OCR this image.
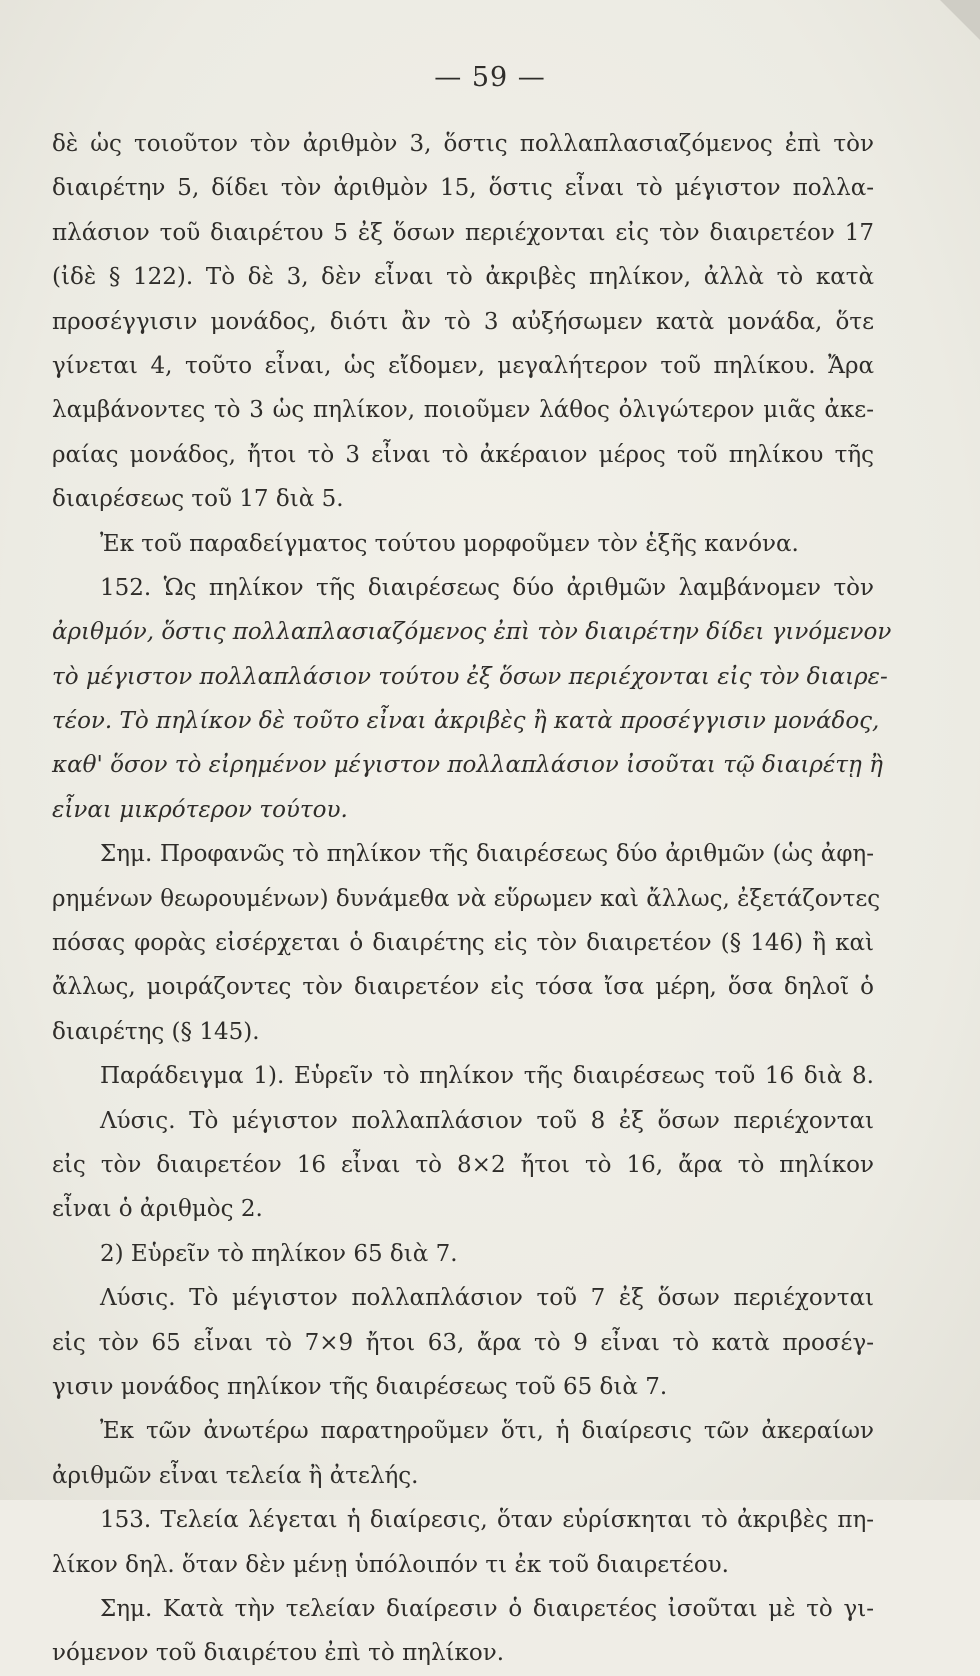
— 59 —
δὲ ὡς τοιοῦτον τὸν ἀριθμὸν 3, ὅστις πολλαπλασιαζόμενος ἐπὶ τὸν
διαιρέτην 5, δίδει τὸν ἀριθμὸν 15, ὅστις εἶναι τὸ μέγιστον πολλα-
πλάσιον τοῦ διαιρέτου 5 ἐξ ὅσων περιέχονται εἰς τὸν διαιρετέον 17
(ἰδὲ § 122). Τὸ δὲ 3, δὲν εἶναι τὸ ἀκριβὲς πηλίκον, ἀλλὰ τὸ κατὰ
προσέγγισιν μονάδος, διότι ἂν τὸ 3 αὐξήσωμεν κατὰ μονάδα, ὅτε
γίνεται 4, τοῦτο εἶναι, ὡς εἴδομεν, μεγαλήτερον τοῦ πηλίκου. Ἄρα
λαμβάνοντες τὸ 3 ὡς πηλίκον, ποιοῦμεν λάθος ὀλιγώτερον μιᾶς ἀκε-
ραίας μονάδος, ἤτοι τὸ 3 εἶναι τὸ ἀκέραιον μέρος τοῦ πηλίκου τῆς
διαιρέσεως τοῦ 17 διὰ 5.
Ἐκ τοῦ παραδείγματος τούτου μορφοῦμεν τὸν ἑξῆς κανόνα.
152. Ὡς πηλίκον τῆς διαιρέσεως δύο ἀριθμῶν λαμβάνομεν τὸν
ἀριθμόν, ὅστις πολλαπλασιαζόμενος ἐπὶ τὸν διαιρέτην δίδει γινόμενον
τὸ μέγιστον πολλαπλάσιον τούτου ἐξ ὅσων περιέχονται εἰς τὸν διαιρε-
τέον. Τὸ πηλίκον δὲ τοῦτο εἶναι ἀκριβὲς ἢ κατὰ προσέγγισιν μονάδος,
καθ' ὅσον τὸ εἰρημένον μέγιστον πολλαπλάσιον ἰσοῦται τῷ διαιρέτῃ ἢ
εἶναι μικρότερον τούτου.
Σημ. Προφανῶς τὸ πηλίκον τῆς διαιρέσεως δύο ἀριθμῶν (ὡς ἀφη-
ρημένων θεωρουμένων) δυνάμεθα νὰ εὕρωμεν καὶ ἄλλως, ἐξετάζοντες
πόσας φορὰς εἰσέρχεται ὁ διαιρέτης εἰς τὸν διαιρετέον (§ 146) ἢ καὶ
ἄλλως, μοιράζοντες τὸν διαιρετέον εἰς τόσα ἴσα μέρη, ὅσα δηλοῖ ὁ
διαιρέτης (§ 145).
Παράδειγμα 1). Εὑρεῖν τὸ πηλίκον τῆς διαιρέσεως τοῦ 16 διὰ 8.
Λύσις. Τὸ μέγιστον πολλαπλάσιον τοῦ 8 ἐξ ὅσων περιέχονται
εἰς τὸν διαιρετέον 16 εἶναι τὸ 8×2 ἤτοι τὸ 16, ἄρα τὸ πηλίκον
εἶναι ὁ ἀριθμὸς 2.
2) Εὑρεῖν τὸ πηλίκον 65 διὰ 7.
Λύσις. Τὸ μέγιστον πολλαπλάσιον τοῦ 7 ἐξ ὅσων περιέχονται
εἰς τὸν 65 εἶναι τὸ 7×9 ἤτοι 63, ἄρα τὸ 9 εἶναι τὸ κατὰ προσέγ-
γισιν μονάδος πηλίκον τῆς διαιρέσεως τοῦ 65 διὰ 7.
Ἐκ τῶν ἀνωτέρω παρατηροῦμεν ὅτι, ἡ διαίρεσις τῶν ἀκεραίων
ἀριθμῶν εἶναι τελεία ἢ ἀτελής.
153. Τελεία λέγεται ἡ διαίρεσις, ὅταν εὑρίσκηται τὸ ἀκριβὲς πη-
λίκον δηλ. ὅταν δὲν μένῃ ὑπόλοιπόν τι ἐκ τοῦ διαιρετέου.
Σημ. Κατὰ τὴν τελείαν διαίρεσιν ὁ διαιρετέος ἰσοῦται μὲ τὸ γι-
νόμενον τοῦ διαιρέτου ἐπὶ τὸ πηλίκον.
